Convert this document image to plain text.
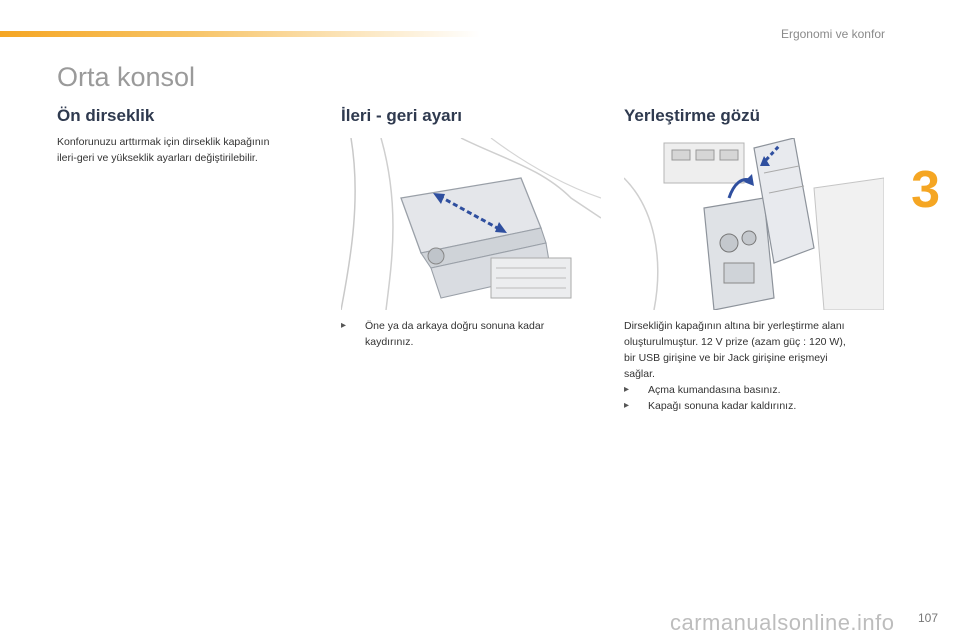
Ergonomi ve konfor
3
Orta konsol
Ön dirseklik
Konforunuzu arttırmak için dirseklik kapağının
ileri-geri ve yükseklik ayarları değiştirilebilir.
İleri - geri ayarı
▸ Öne ya da arkaya doğru sonuna kadar
kaydırınız.
Yerleştirme gözü
Dirsekliğin kapağının altına bir yerleştirme alanı
oluşturulmuştur. 12 V prize (azam güç : 120 W),
bir USB girişine ve bir Jack girişine erişmeyi
sağlar.
▸ Açma kumandasına basınız.
▸ Kapağı sonuna kadar kaldırınız.
carmanualsonline.info 107
